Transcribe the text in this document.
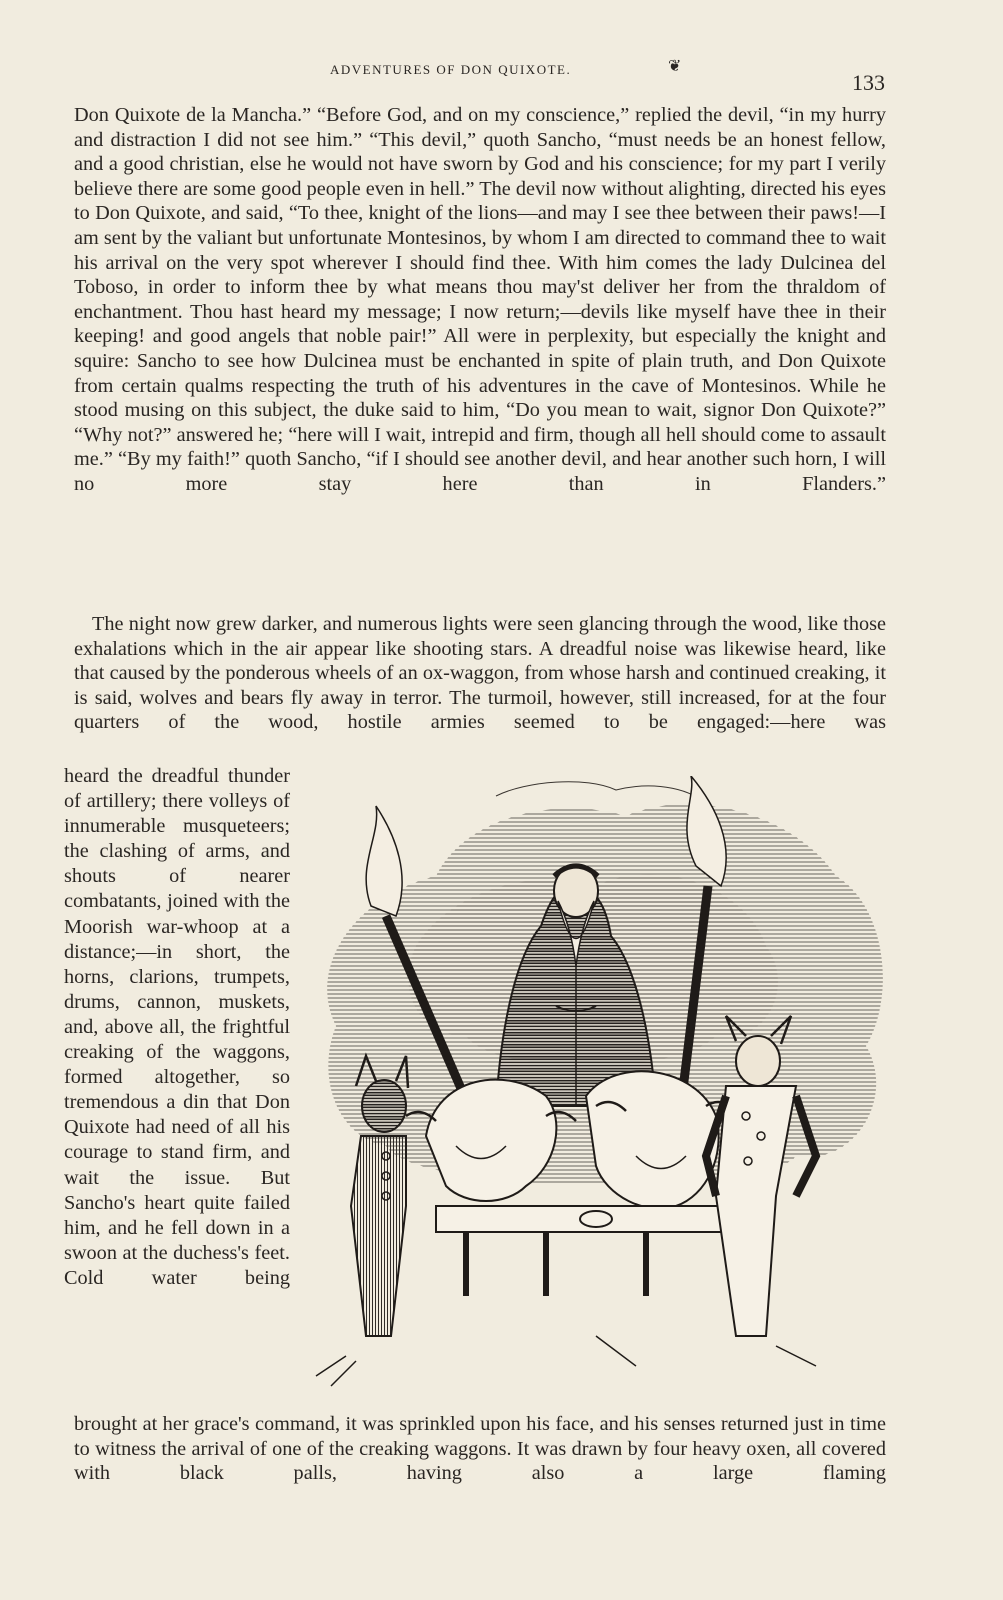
ADVENTURES OF DON QUIXOTE.	❦
133

Don Quixote de la Mancha.” “Before God, and on my conscience,” replied the devil, “in my hurry and distraction I did not see him.” “This devil,” quoth Sancho, “must needs be an honest fellow, and a good christian, else he would not have sworn by God and his conscience; for my part I verily believe there are some good people even in hell.” The devil now without alighting, directed his eyes to Don Quixote, and said, “To thee, knight of the lions—and may I see thee between their paws!—I am sent by the valiant but unfortunate Montesinos, by whom I am directed to command thee to wait his arrival on the very spot wherever I should find thee. With him comes the lady Dulcinea del Toboso, in order to inform thee by what means thou may'st deliver her from the thraldom of enchantment. Thou hast heard my message; I now return;—devils like myself have thee in their keeping! and good angels that noble pair!” All were in perplexity, but especially the knight and squire: Sancho to see how Dulcinea must be enchanted in spite of plain truth, and Don Quixote from certain qualms respecting the truth of his adventures in the cave of Montesinos. While he stood musing on this subject, the duke said to him, “Do you mean to wait, signor Don Quixote?” “Why not?” answered he; “here will I wait, intrepid and firm, though all hell should come to assault me.” “By my faith!” quoth Sancho, “if I should see another devil, and hear another such horn, I will no more stay here than in Flanders.”

The night now grew darker, and numerous lights were seen glancing through the wood, like those exhalations which in the air appear like shooting stars. A dreadful noise was likewise heard, like that caused by the ponderous wheels of an ox-waggon, from whose harsh and continued creaking, it is said, wolves and bears fly away in terror. The turmoil, however, still increased, for at the four quarters of the wood, hostile armies seemed to be engaged:—here was

heard the dreadful thunder of artillery; there volleys of innumerable musqueteers; the clashing of arms, and shouts of nearer combatants, joined with the Moorish war-whoop at a distance;—in short, the horns, clarions, trumpets, drums, cannon, muskets, and, above all, the frightful creaking of the waggons, formed altogether, so tremendous a din that Don Quixote had need of all his courage to stand firm, and wait the issue. But Sancho's heart quite failed him, and he fell down in a swoon at the duchess's feet. Cold water being

brought at her grace's command, it was sprinkled upon his face, and his senses returned just in time to witness the arrival of one of the creaking waggons. It was drawn by four heavy oxen, all covered with black palls, having also a large flaming
